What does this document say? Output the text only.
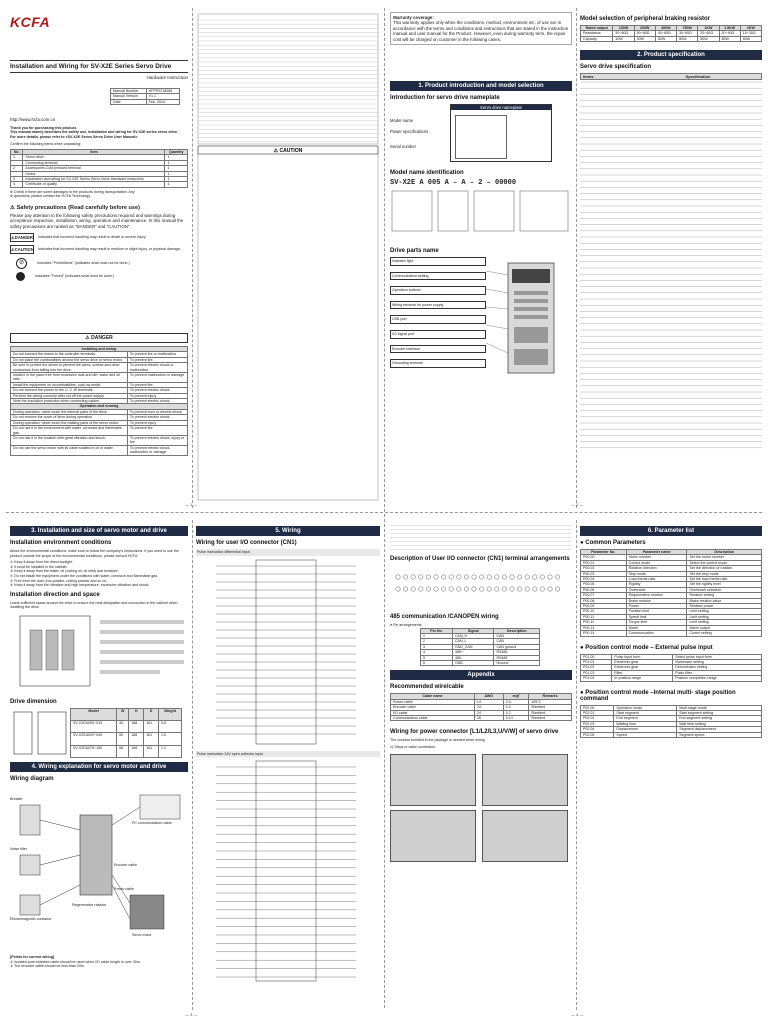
KCFA
Installation and Wiring for SV-X2E Series Servo Drive
Hardware Instruction
Manual Number	HFPP0218056
Manual Version	V1.1
Date	Feb. 2024
http://www.hcfa.com.cn
Thank you for purchasing this product.
This manual mainly describes the safety use, installation and wiring for SV-X2E series servo drive.
For more details, please refer to <SV-X2E Series Servo Drive User Manual>.
Confirm the following items when unpacking:
No.	Item	Quantity
1	Servo drive	1
	Connecting terminal	1
2	Accessories Cold pressed terminal	1
	Screw	1
3	Installation and wiring for SV-X2E Series Servo Drive Hardware Instruction	1
4	Certificate of quality	1
※ Check if there are some damages to the products during transportation. Any
※ questions, please contact the HCFA Technology.
⚠ Safety precautions (Read carefully before use)
Please pay attention to the following safety precautions required and warnings during acceptance inspection, installation, wiring, operation and maintenance. In this manual the safety precautions are ranked as "DANGER" and "CAUTION".
⚠DANGER Indicates that incorrect handling may result in death or severe injury.
⚠CAUTION Indicates that incorrect handling may result in medium or slight injury, or physical damage.
⊘	Indicates "Prohibitions" (indicates what must not be done.)
Indicates "Forced" (indicates what must be done.)
⚠ DANGER
Installing and wiring	
Do not connect the mains to the controller terminals.	To prevent fire or malfunction
Do not place the combustibles around the servo drive or servo motor.	To prevent fire.
Be sure to protect the drives to prevent the wires, screws and other conductors from falling into the drive.	To prevent electric shock or malfunction
Install it in the place free from excessive dust and dirt, water and oil mist.	To prevent malfunction or damage
Install the equipment on incombustibles, such as metal.	To prevent fire.
Do not connect the power to the U, V, W terminals.	To prevent electric shock.
Perform the wiring correctly after cut off the power supply.	To prevent injury
Note the insulation protection when connecting cables.	To prevent electric shock.
Operation and running	
During operation, never touch the internal parts of the drive.	To prevent burn or electric shock
Do not remove the cover of drive during operation.	To prevent electric shock
During operation, never touch the rotating parts of the servo motor.	To prevent injury
Do not use it in the environment with water, corrosive and flammable gas.	To prevent fire
Do not use it in the location with great vibration and shock.	To prevent electric shock, injury or fire
Do not use the servo motor with its cable soaked in oil or water.	To prevent electric shock, malfunction or damage
⚠ CAUTION
Warranty coverage:
This warranty applies only when the conditions, method, environment etc. of use are in accordance with the terms and conditions and instructions that are stated in the instruction manual and user manual for the Product. However, even during warranty term, the repair cost will be charged on customer in the following cases.
1. Product introduction and model selection
Introduction for servo drive nameplate
Model name
Power specifications
Serial number
Servo drive nameplate
Model name identification
SV-X2E A 005 A – A – 2 – 00000
Drive parts name
Indicator light
Communication setting
Operation buttons
Wiring terminal for power supply
USB port
I/O signal port
Encoder interface
Grounding terminal
Model selection of peripheral braking resistor
Rated output	100W	200W	400W	750W	1KW	1.5KW	2KW
Resistance	50~80Ω	50~80Ω	40~60Ω	30~50Ω	20~40Ω	20~40Ω	15~30Ω
Capacity	40W	40W	80W	80W	80W	80W	80W
2. Product specification
Servo drive specification
Items	Specification
— 1 —	— 2 —
3. Installation and size of servo motor and drive
Installation environment conditions
About the environmental conditions, make sure to follow the company's instructions. If you need to use the product outside the scope of the environmental conditions, please consult HCFA.
① Keep it away from the direct sunlight.
② It must be installed in the cabinet.
③ Keep it away from the water, oil (cutting oil, oil mist) and moisture.
④ Do not install the equipment under the conditions with water, corrosive and flammable gas.
⑤ Free from the dust, iron powder, cutting powder and so on.
⑥ Keep it away from the vibration and high temperature, excessive vibration and shock.
Installation direction and space
Leave sufficient space around the drive to ensure the heat dissipation and convection in the cabinet when installing the drive.
Drive dimension
Model	W	H	D	Weight
SV-X2EA005~010	40	168	161	0.8
SV-X2EA020~040	50	168	161	1.0
SV-X2EA075~150	68	168	161	1.2
4. Wiring explanation for servo motor and drive
Wiring diagram
Breaker
Noise filter
Electromagnetic contactor
Regenerative resistor
PC communication cable
Servo motor
Encoder cable
Power cable
[Points for current wiring]
① Isolated pure shielded cable should be used when I/O cable length is over 30m.
② The encoder cable should be less than 20m.
5. Wiring
Wiring for user I/O connector (CN1)
Pulse instruction differential input
Pulse instruction 24V open collector input
Description of User I/O connector (CN1) terminal arrangements
485 communication /CANOPEN wiring
● Pin arrangements
Pin No.	Signal	Description
1	CAN_H	CAN
2	CAN_L	CAN
3	GND_CAN	CAN ground
4	485+	RS485
5	485-	RS485
6	GND	Ground
Appendix
Recommended wire/cable
Cable name	AWG	m㎡	Remarks
Power cable	14	2.0	105°C
Encoder cable	24	0.2	Shielded
I/O cable	24	0.2	Shielded
Communication cable	26	0.14	Shielded
Wiring for power connector [L1/L2/L3,U/V/W] of servo drive
The crowbar bundled in the package is needed when wiring
1) Steps of cable connection
6. Parameter list
● Common Parameters
Parameter No.	Parameter name	Description
P00.00	Motor number	Set the motor number
P00.01	Control mode	Select the control mode
P00.02	Rotation direction	Set the direction of rotation
P00.03	Stop mode	Set the stop mode
P00.04	Load inertia ratio	Set the load inertia ratio
P00.05	Rigidity	Set the rigidity level
P00.06	Overtravel	Overtravel selection
P00.07	Regenerative resistor	Resistor setting
P00.08	Brake resistor	Brake resistor value
P00.09	Power	Resistor power
P00.10	Position limit	Limit setting
P00.11	Speed limit	Limit setting
P00.12	Torque limit	Limit setting
P00.13	Alarm	Alarm output
P00.14	Communication	Comm setting
● Position control mode – External pulse input
P01.00	Pulse input form	Select pulse input form
P01.01	Electronic gear	Numerator setting
P01.02	Electronic gear	Denominator setting
P01.03	Filter	Pulse filter
P01.04	In-position range	Position completion range
● Position control mode –Internal multi- stage position command
P02.00	Operation mode	Multi-stage mode
P02.01	Start segment	Start segment setting
P02.02	End segment	End segment setting
P02.03	Waiting time	Wait time setting
P02.04	Displacement	Segment displacement
P02.05	Speed	Segment speed
— 3 —	— 4 —
